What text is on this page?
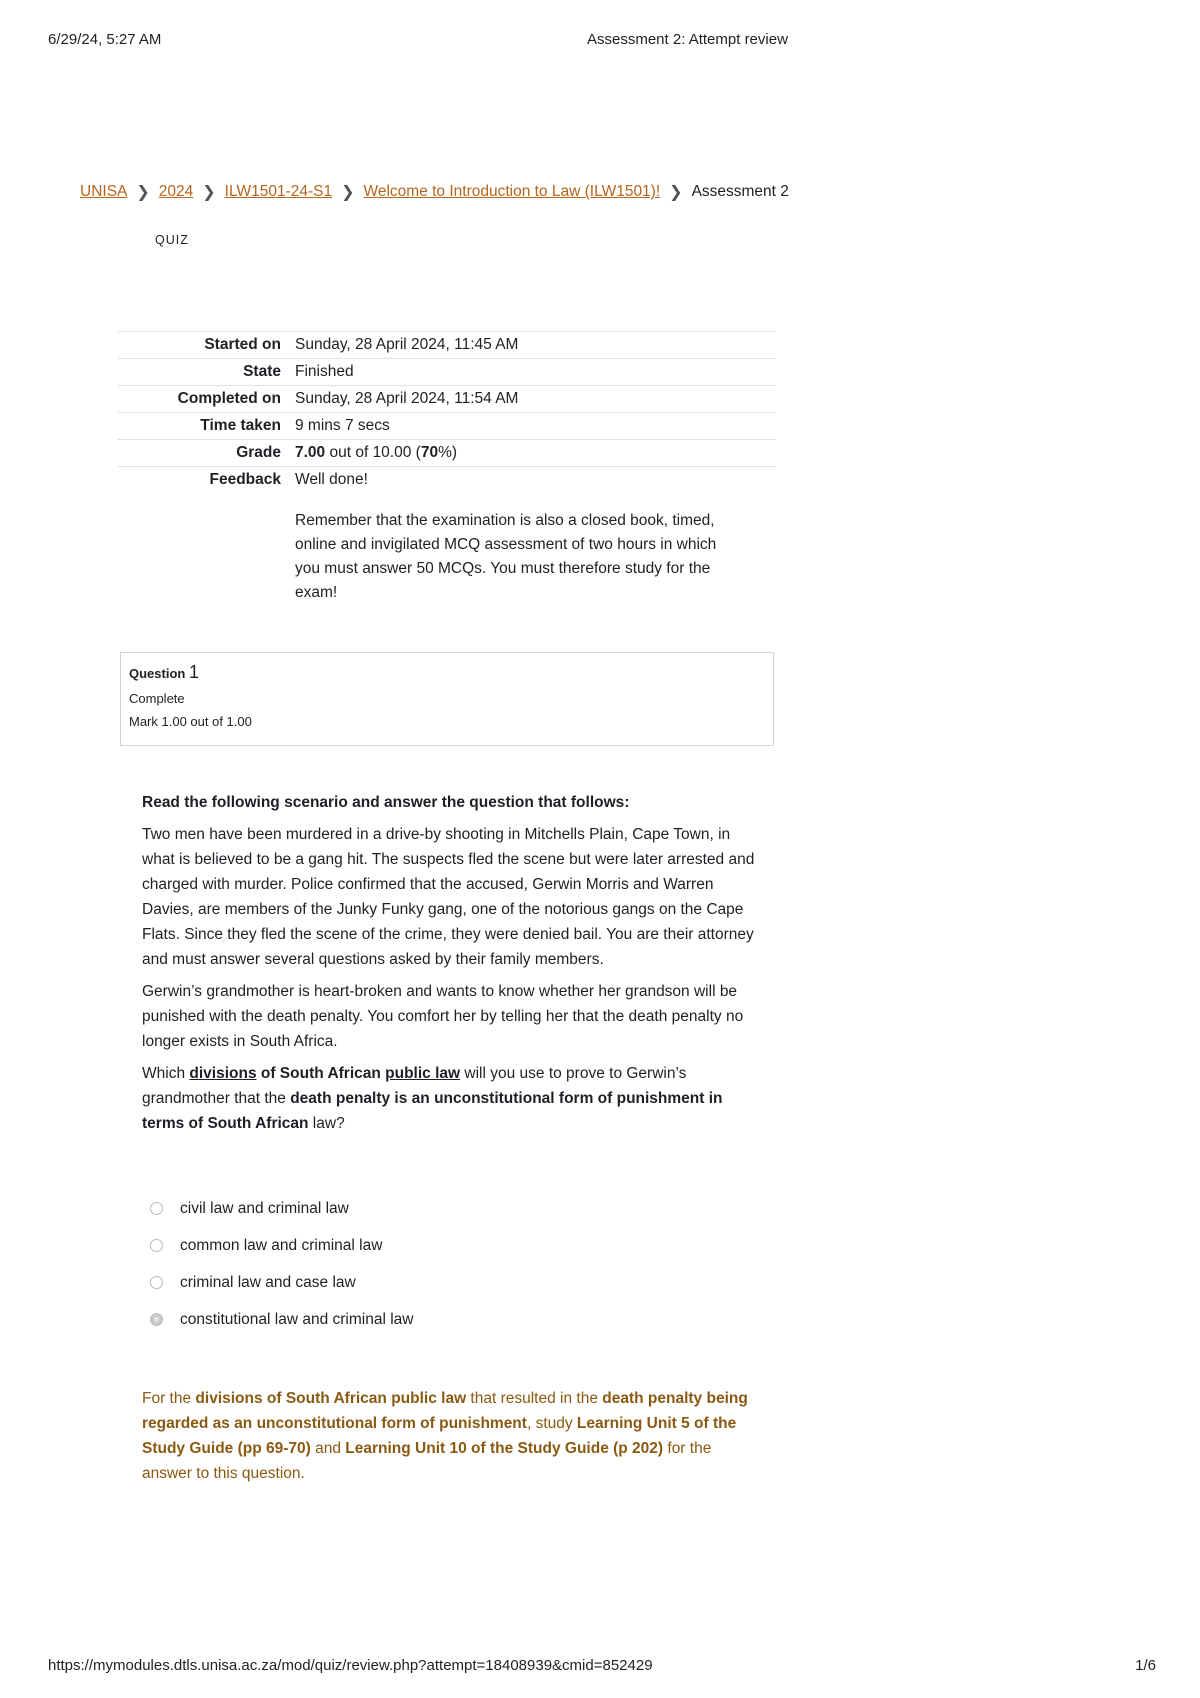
6/29/24, 5:27 AM	Assessment 2: Attempt review
UNISA ❯ 2024 ❯ ILW1501-24-S1 ❯ Welcome to Introduction to Law (ILW1501)! ❯ Assessment 2
QUIZ
Started on	Sunday, 28 April 2024, 11:45 AM
State	Finished
Completed on	Sunday, 28 April 2024, 11:54 AM
Time taken	9 mins 7 secs
Grade	7.00 out of 10.00 (70%)
Feedback	Well done!
Remember that the examination is also a closed book, timed, online and invigilated MCQ assessment of two hours in which you must answer 50 MCQs. You must therefore study for the exam!
Question 1
Complete
Mark 1.00 out of 1.00

Read the following scenario and answer the question that follows:

Two men have been murdered in a drive-by shooting in Mitchells Plain, Cape Town, in what is believed to be a gang hit. The suspects fled the scene but were later arrested and charged with murder. Police confirmed that the accused, Gerwin Morris and Warren Davies, are members of the Junky Funky gang, one of the notorious gangs on the Cape Flats. Since they fled the scene of the crime, they were denied bail. You are their attorney and must answer several questions asked by their family members.

Gerwin’s grandmother is heart-broken and wants to know whether her grandson will be punished with the death penalty. You comfort her by telling her that the death penalty no longer exists in South Africa.

Which divisions of South African public law will you use to prove to Gerwin’s grandmother that the death penalty is an unconstitutional form of punishment in terms of South African law?

civil law and criminal law
common law and criminal law
criminal law and case law
constitutional law and criminal law
For the divisions of South African public law that resulted in the death penalty being regarded as an unconstitutional form of punishment, study Learning Unit 5 of the Study Guide (pp 69-70) and Learning Unit 10 of the Study Guide (p 202) for the answer to this question.
https://mymodules.dtls.unisa.ac.za/mod/quiz/review.php?attempt=18408939&cmid=852429	1/6
